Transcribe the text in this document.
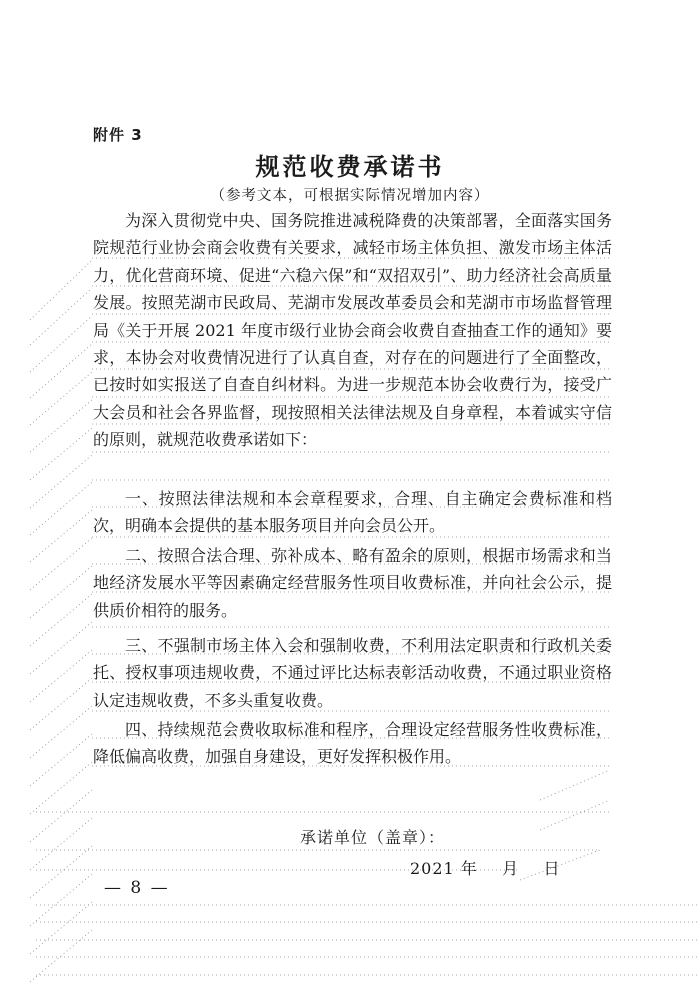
附件 3
规范收费承诺书
（参考文本，可根据实际情况增加内容）

为深入贯彻党中央、国务院推进减税降费的决策部署，全面落实国务院规范行业协会商会收费有关要求，减轻市场主体负担、激发市场主体活力，优化营商环境、促进“六稳六保”和“双招双引”、助力经济社会高质量发展。按照芜湖市民政局、芜湖市发展改革委员会和芜湖市市场监督管理局《关于开展 2021 年度市级行业协会商会收费自查抽查工作的通知》要求，本协会对收费情况进行了认真自查，对存在的问题进行了全面整改，已按时如实报送了自查自纠材料。为进一步规范本协会收费行为，接受广大会员和社会各界监督，现按照相关法律法规及自身章程，本着诚实守信的原则，就规范收费承诺如下：

一、按照法律法规和本会章程要求，合理、自主确定会费标准和档次，明确本会提供的基本服务项目并向会员公开。

二、按照合法合理、弥补成本、略有盈余的原则，根据市场需求和当地经济发展水平等因素确定经营服务性项目收费标准，并向社会公示，提供质价相符的服务。

三、不强制市场主体入会和强制收费，不利用法定职责和行政机关委托、授权事项违规收费，不通过评比达标表彰活动收费，不通过职业资格认定违规收费，不多头重复收费。

四、持续规范会费收取标准和程序，合理设定经营服务性收费标准，降低偏高收费，加强自身建设，更好发挥积极作用。

承诺单位（盖章）：
2021 年    月    日
— 8 —
